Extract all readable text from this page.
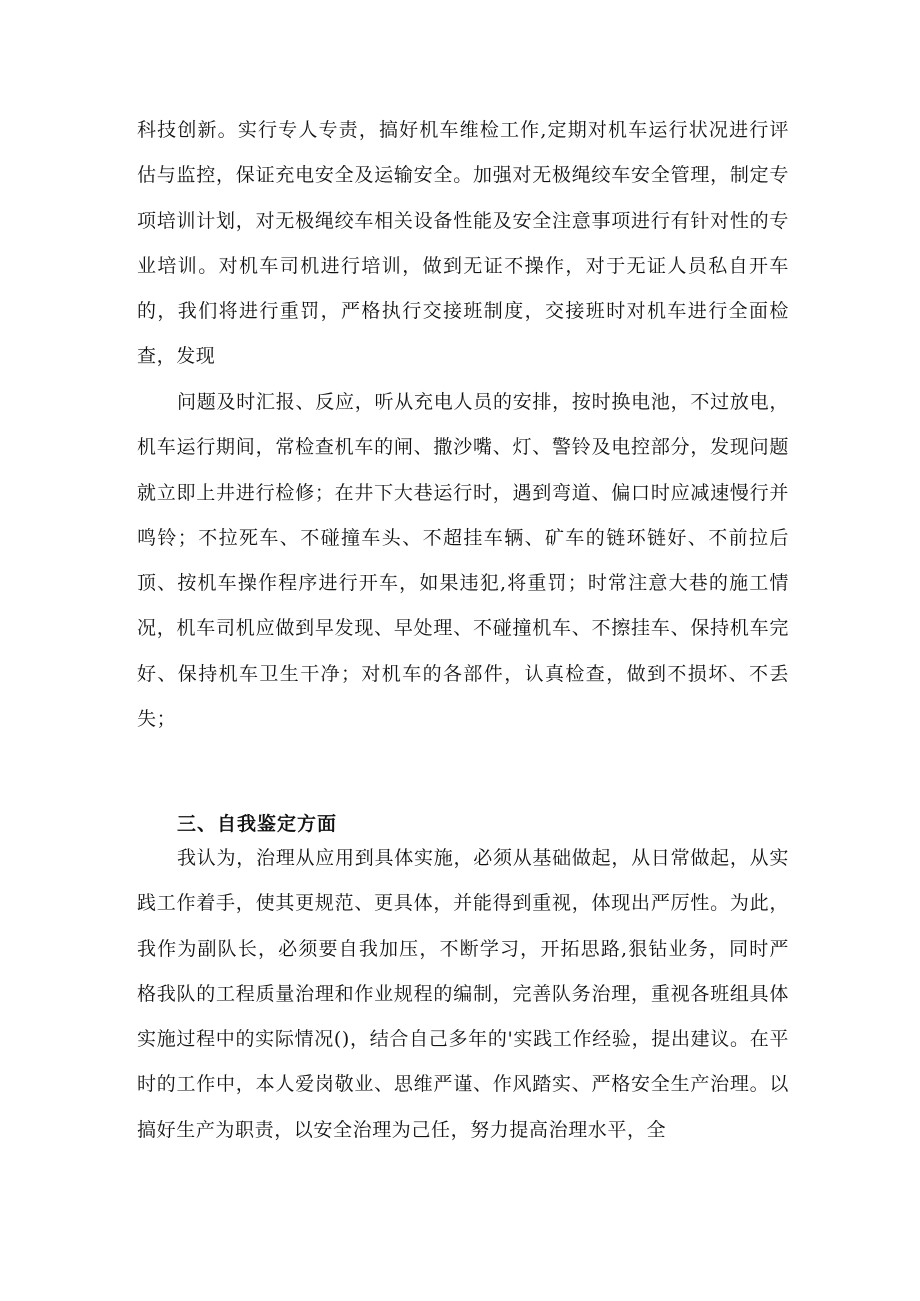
科技创新。实行专人专责，搞好机车维检工作,定期对机车运行状况进行评估与监控，保证充电安全及运输安全。加强对无极绳绞车安全管理，制定专项培训计划，对无极绳绞车相关设备性能及安全注意事项进行有针对性的专业培训。对机车司机进行培训，做到无证不操作，对于无证人员私自开车的，我们将进行重罚，严格执行交接班制度，交接班时对机车进行全面检查，发现

问题及时汇报、反应，听从充电人员的安排，按时换电池，不过放电，机车运行期间，常检查机车的闸、撒沙嘴、灯、警铃及电控部分，发现问题就立即上井进行检修；在井下大巷运行时，遇到弯道、偏口时应减速慢行并鸣铃；不拉死车、不碰撞车头、不超挂车辆、矿车的链环链好、不前拉后顶、按机车操作程序进行开车，如果违犯,将重罚；时常注意大巷的施工情况，机车司机应做到早发现、早处理、不碰撞机车、不擦挂车、保持机车完好、保持机车卫生干净；对机车的各部件，认真检查，做到不损坏、不丢失；

三、自我鉴定方面

我认为，治理从应用到具体实施，必须从基础做起，从日常做起，从实践工作着手，使其更规范、更具体，并能得到重视，体现出严厉性。为此，我作为副队长，必须要自我加压，不断学习，开拓思路,狠钻业务，同时严格我队的工程质量治理和作业规程的编制，完善队务治理，重视各班组具体实施过程中的实际情况()，结合自己多年的'实践工作经验，提出建议。在平时的工作中，本人爱岗敬业、思维严谨、作风踏实、严格安全生产治理。以搞好生产为职责，以安全治理为己任，努力提高治理水平，全
